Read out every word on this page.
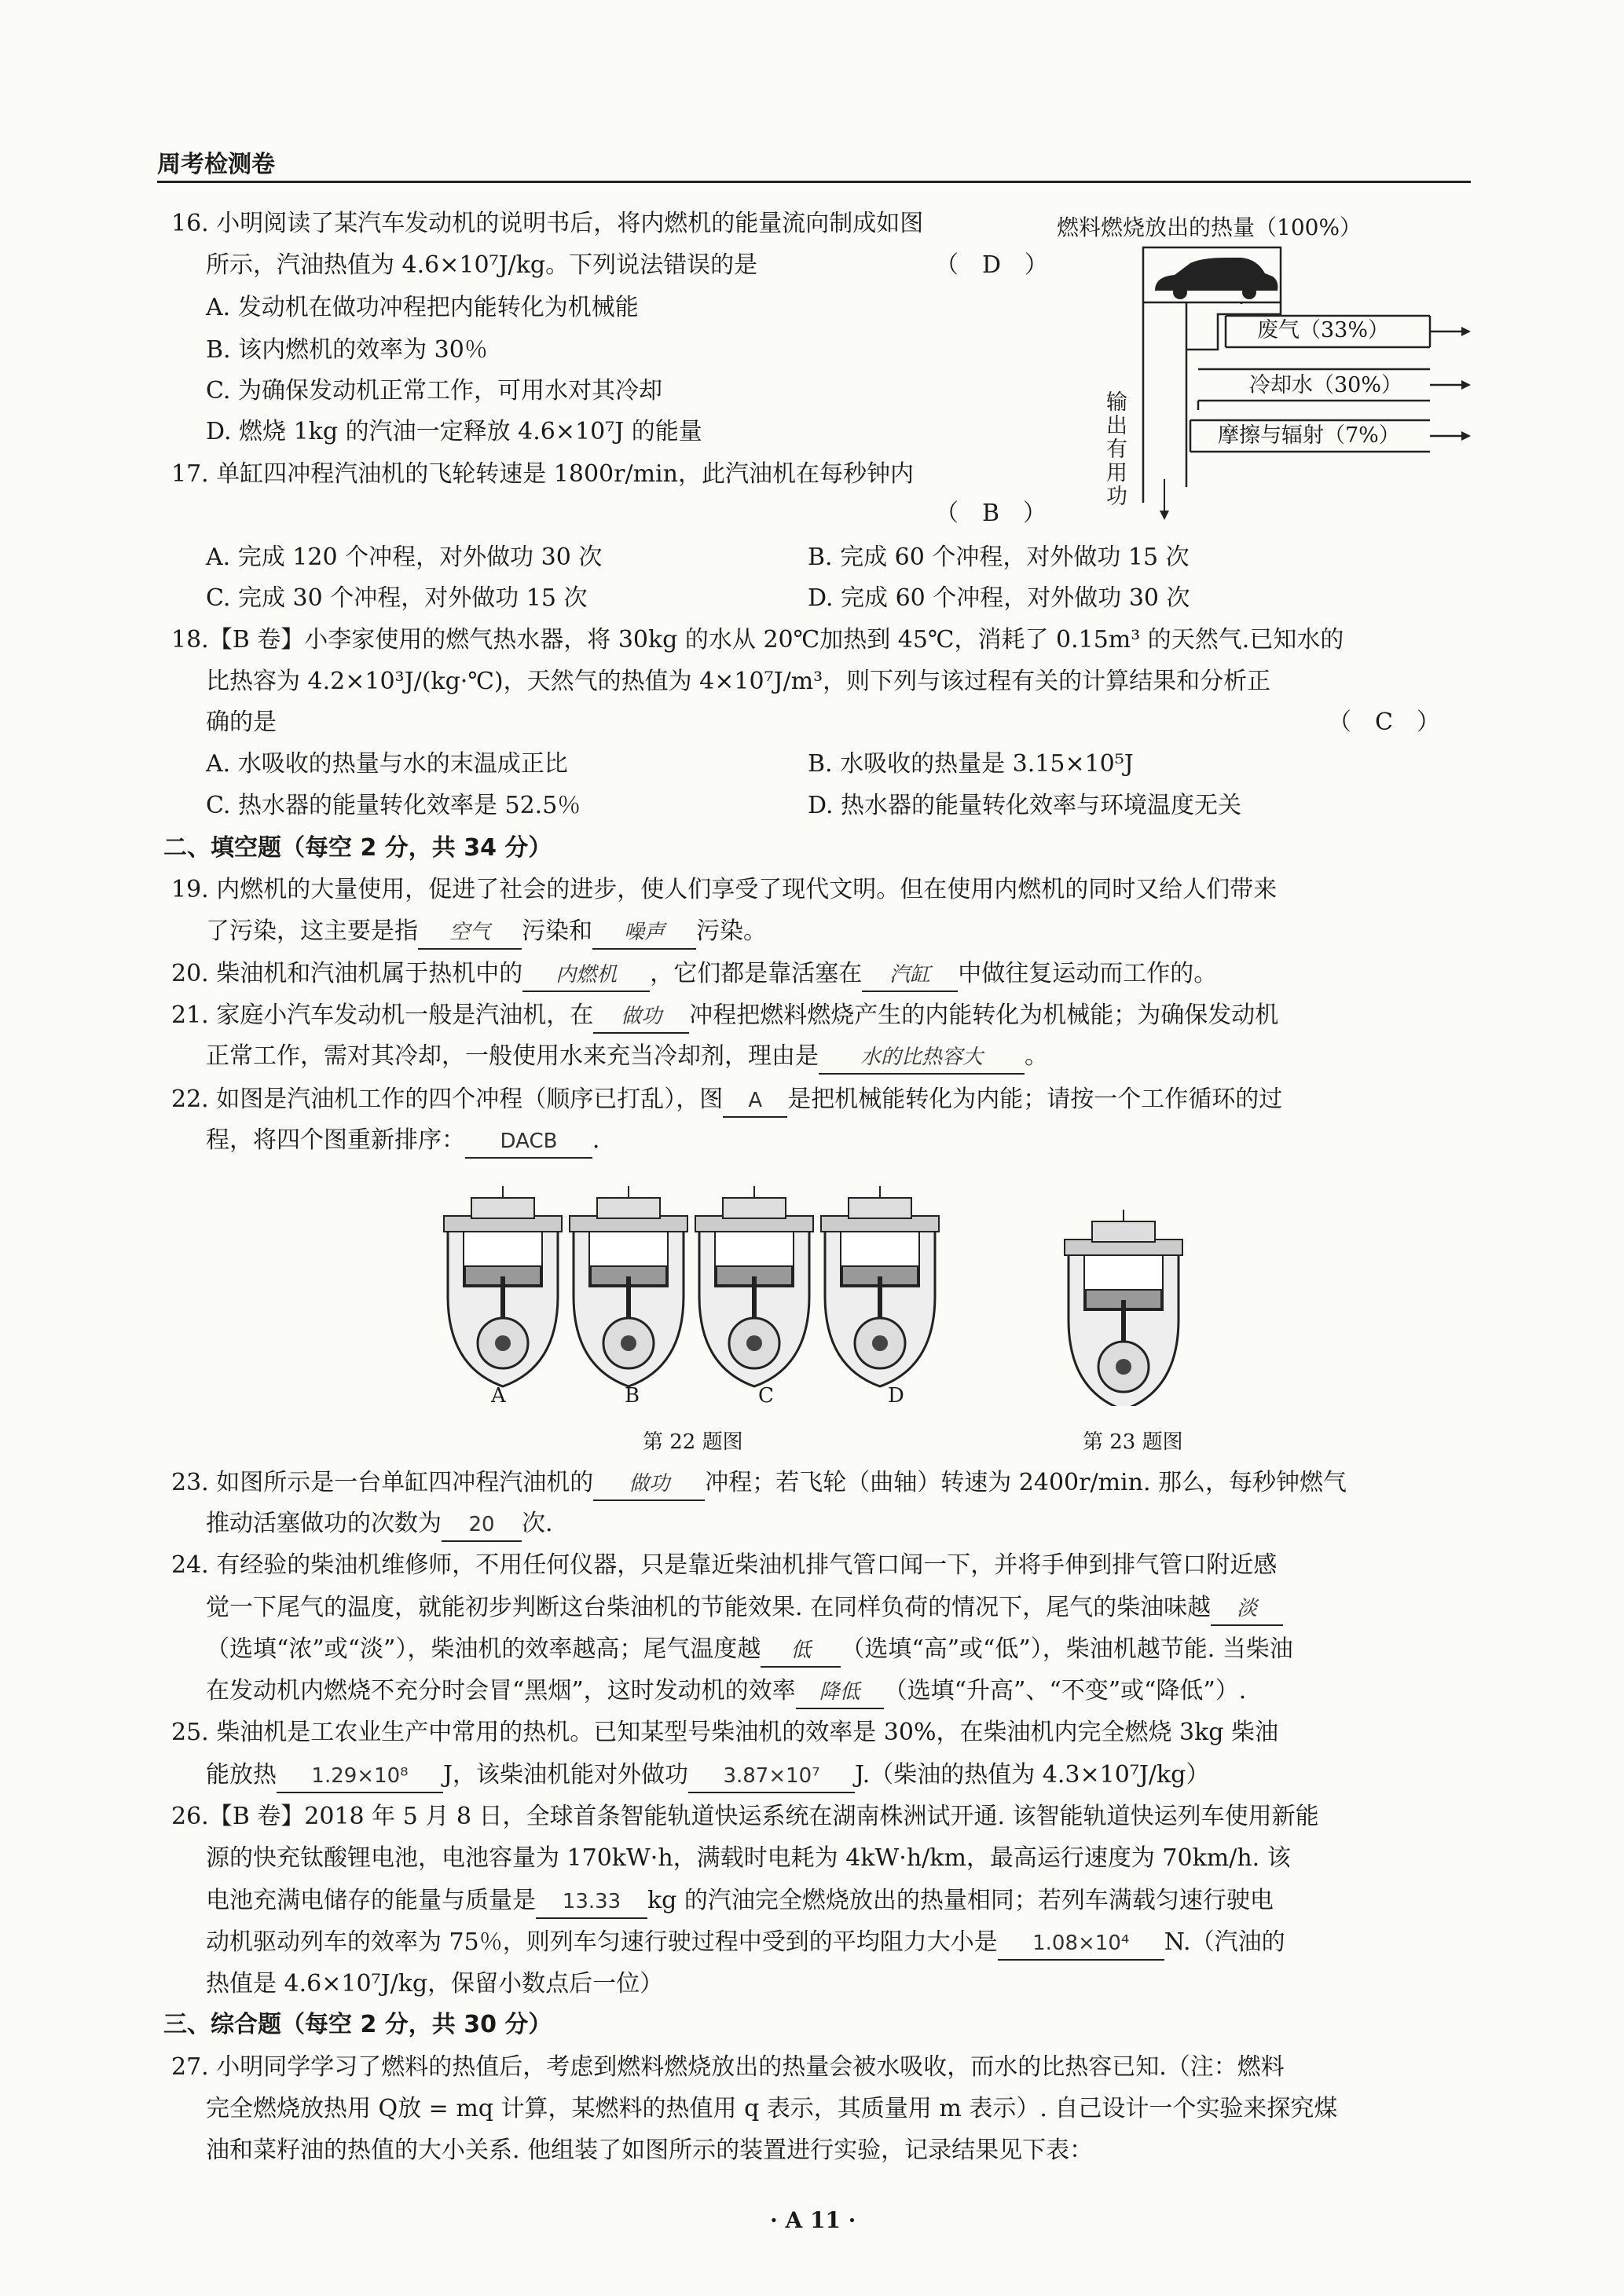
周考检测卷
16. 小明阅读了某汽车发动机的说明书后，将内燃机的能量流向制成如图
所示，汽油热值为 4.6×10⁷J/kg。下列说法错误的是	（　D　）
A. 发动机在做功冲程把内能转化为机械能
B. 该内燃机的效率为 30％
C. 为确保发动机正常工作，可用水对其冷却
D. 燃烧 1kg 的汽油一定释放 4.6×10⁷J 的能量
燃料燃烧放出的热量（100%）
废气（33%）
冷却水（30%）
摩擦与辐射（7%）
输
出
有
用
功
17. 单缸四冲程汽油机的飞轮转速是 1800r/min，此汽油机在每秒钟内
（　B　）
A. 完成 120 个冲程，对外做功 30 次	B. 完成 60 个冲程，对外做功 15 次
C. 完成 30 个冲程，对外做功 15 次	D. 完成 60 个冲程，对外做功 30 次
18.【B 卷】小李家使用的燃气热水器，将 30kg 的水从 20℃加热到 45℃，消耗了 0.15m³ 的天然气.已知水的
比热容为 4.2×10³J/(kg·℃)，天然气的热值为 4×10⁷J/m³，则下列与该过程有关的计算结果和分析正
确的是	（　C　）
A. 水吸收的热量与水的末温成正比	B. 水吸收的热量是 3.15×10⁵J
C. 热水器的能量转化效率是 52.5％	D. 热水器的能量转化效率与环境温度无关
二、填空题（每空 2 分，共 34 分）
19. 内燃机的大量使用，促进了社会的进步，使人们享受了现代文明。但在使用内燃机的同时又给人们带来
了污染，这主要是指 空气 污染和 噪声 污染。
20. 柴油机和汽油机属于热机中的 内燃机 ，它们都是靠活塞在 汽缸 中做往复运动而工作的。
21. 家庭小汽车发动机一般是汽油机，在 做功 冲程把燃料燃烧产生的内能转化为机械能；为确保发动机
正常工作，需对其冷却，一般使用水来充当冷却剂，理由是 水的比热容大 。
22. 如图是汽油机工作的四个冲程（顺序已打乱），图 A 是把机械能转化为内能；请按一个工作循环的过
程，将四个图重新排序： DACB ．
A	B	C	D
第 22 题图	第 23 题图
23. 如图所示是一台单缸四冲程汽油机的 做功 冲程；若飞轮（曲轴）转速为 2400r/min. 那么，每秒钟燃气
推动活塞做功的次数为 20 次.
24. 有经验的柴油机维修师，不用任何仪器，只是靠近柴油机排气管口闻一下，并将手伸到排气管口附近感
觉一下尾气的温度，就能初步判断这台柴油机的节能效果. 在同样负荷的情况下，尾气的柴油味越 淡
（选填“浓”或“淡”），柴油机的效率越高；尾气温度越 低 （选填“高”或“低”），柴油机越节能. 当柴油
在发动机内燃烧不充分时会冒“黑烟”，这时发动机的效率 降低 （选填“升高”、“不变”或“降低”）.
25. 柴油机是工农业生产中常用的热机。已知某型号柴油机的效率是 30%，在柴油机内完全燃烧 3kg 柴油
能放热 1.29×10⁸ J，该柴油机能对外做功 3.87×10⁷ J.（柴油的热值为 4.3×10⁷J/kg）
26.【B 卷】2018 年 5 月 8 日，全球首条智能轨道快运系统在湖南株洲试开通. 该智能轨道快运列车使用新能
源的快充钛酸锂电池，电池容量为 170kW·h，满载时电耗为 4kW·h/km，最高运行速度为 70km/h. 该
电池充满电储存的能量与质量是 13.33 kg 的汽油完全燃烧放出的热量相同；若列车满载匀速行驶电
动机驱动列车的效率为 75％，则列车匀速行驶过程中受到的平均阻力大小是 1.08×10⁴ N.（汽油的
热值是 4.6×10⁷J/kg，保留小数点后一位）
三、综合题（每空 2 分，共 30 分）
27. 小明同学学习了燃料的热值后，考虑到燃料燃烧放出的热量会被水吸收，而水的比热容已知.（注：燃料
完全燃烧放热用 Q放 = mq 计算，某燃料的热值用 q 表示，其质量用 m 表示）. 自己设计一个实验来探究煤
油和菜籽油的热值的大小关系. 他组装了如图所示的装置进行实验，记录结果见下表：
· A 11 ·
